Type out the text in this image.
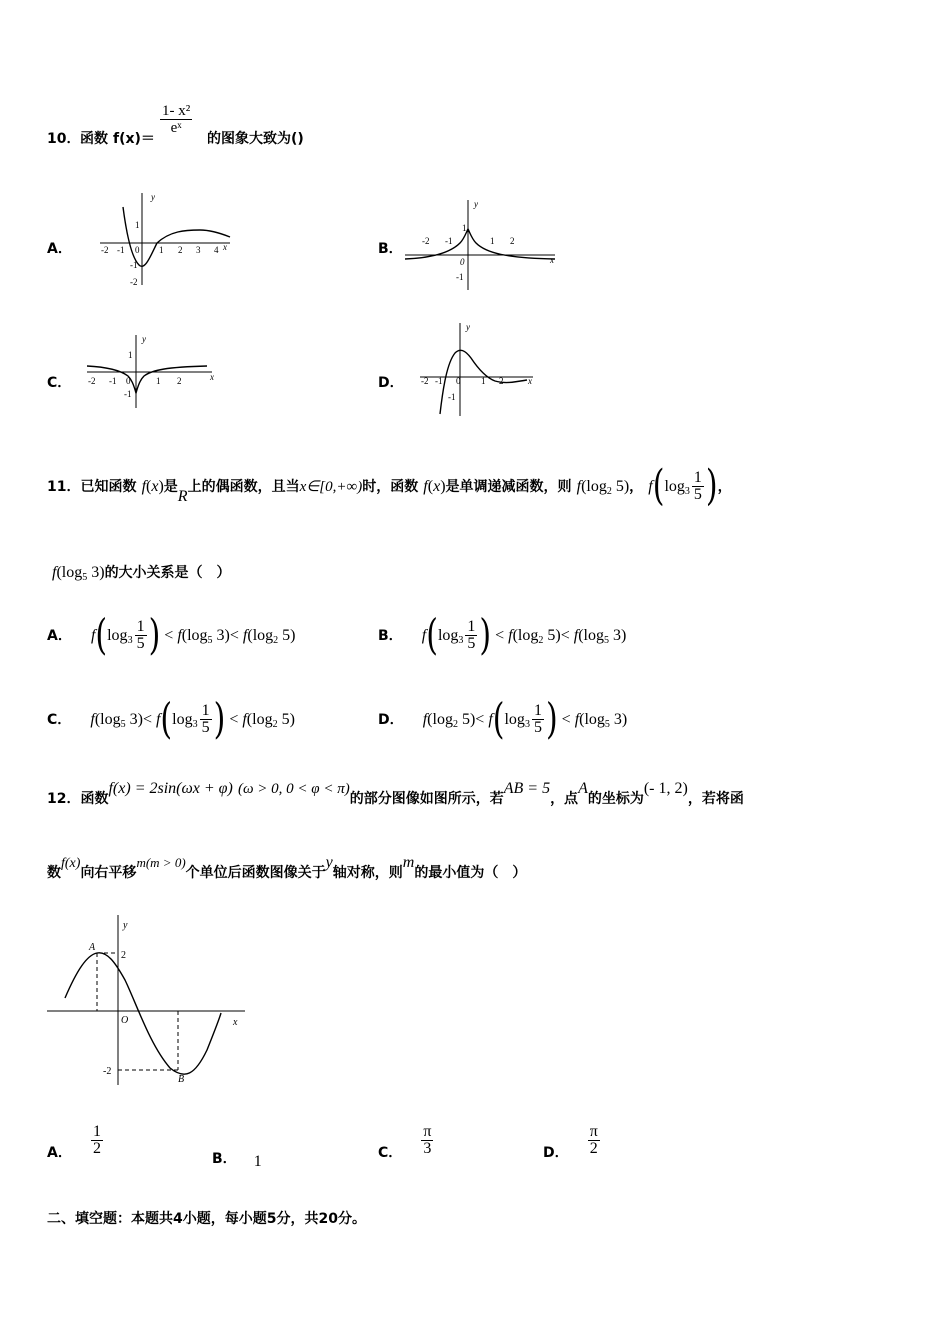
10． 函数 f(x)＝
$\frac{\text{1- x²}}{\text{eˣ}}$
的图象大致为()
A．	B．
C．	D．
y
x
-2 -1 0 1 2 3 4
1
-1
-2
y
x
-2 -1	1 2
1
0
-1
y
x
-2 -1 0	1 2
1
-1
y
x
-2 -1 0 1 2
-1
11．已知函数 f(x)是R上的偶函数，且当x∈[0,+∞)时，函数 f(x)是单调递减函数，则 $f(\log_2$ 5)， $f(\log_3 \frac{1}{5}$ )，
$f(\log_5$ 3)的大小关系是（　）
A． $f(\log_3 \frac{1}{5}$ ) < $f(\log_5$ $3)< f(\log_2$ 5)	B． $f(\log_3 \frac{1}{5}$ ) < $f(\log_2$ $5)< f(\log_5$ 3)
C． $f(\log_5$ $3)< f(\log_3 \frac{1}{5}$ ) < $f(\log_2$ 5)	D． $f(\log_2$ $5)< f(\log_3 \frac{1}{5}$ ) < $f(\log_5$ 3)
12．函数f(x) = 2sin(ωx + φ) (ω > 0, 0 < φ < π)的部分图像如图所示，若AB = 5，点A的坐标为(- 1, 2)，若将函
数f(x)向右平移$^{m(m > 0)}$个单位后函数图像关于y轴对称，则m的最小值为（　）
A
2
O	x
y
-2
B
A． $\frac{1}{2}$
B． 1	C． $\frac{\pi}{3}$	D． $\frac{\pi}{2}$
二、填空题：本题共4小题，每小题5分，共20分。
